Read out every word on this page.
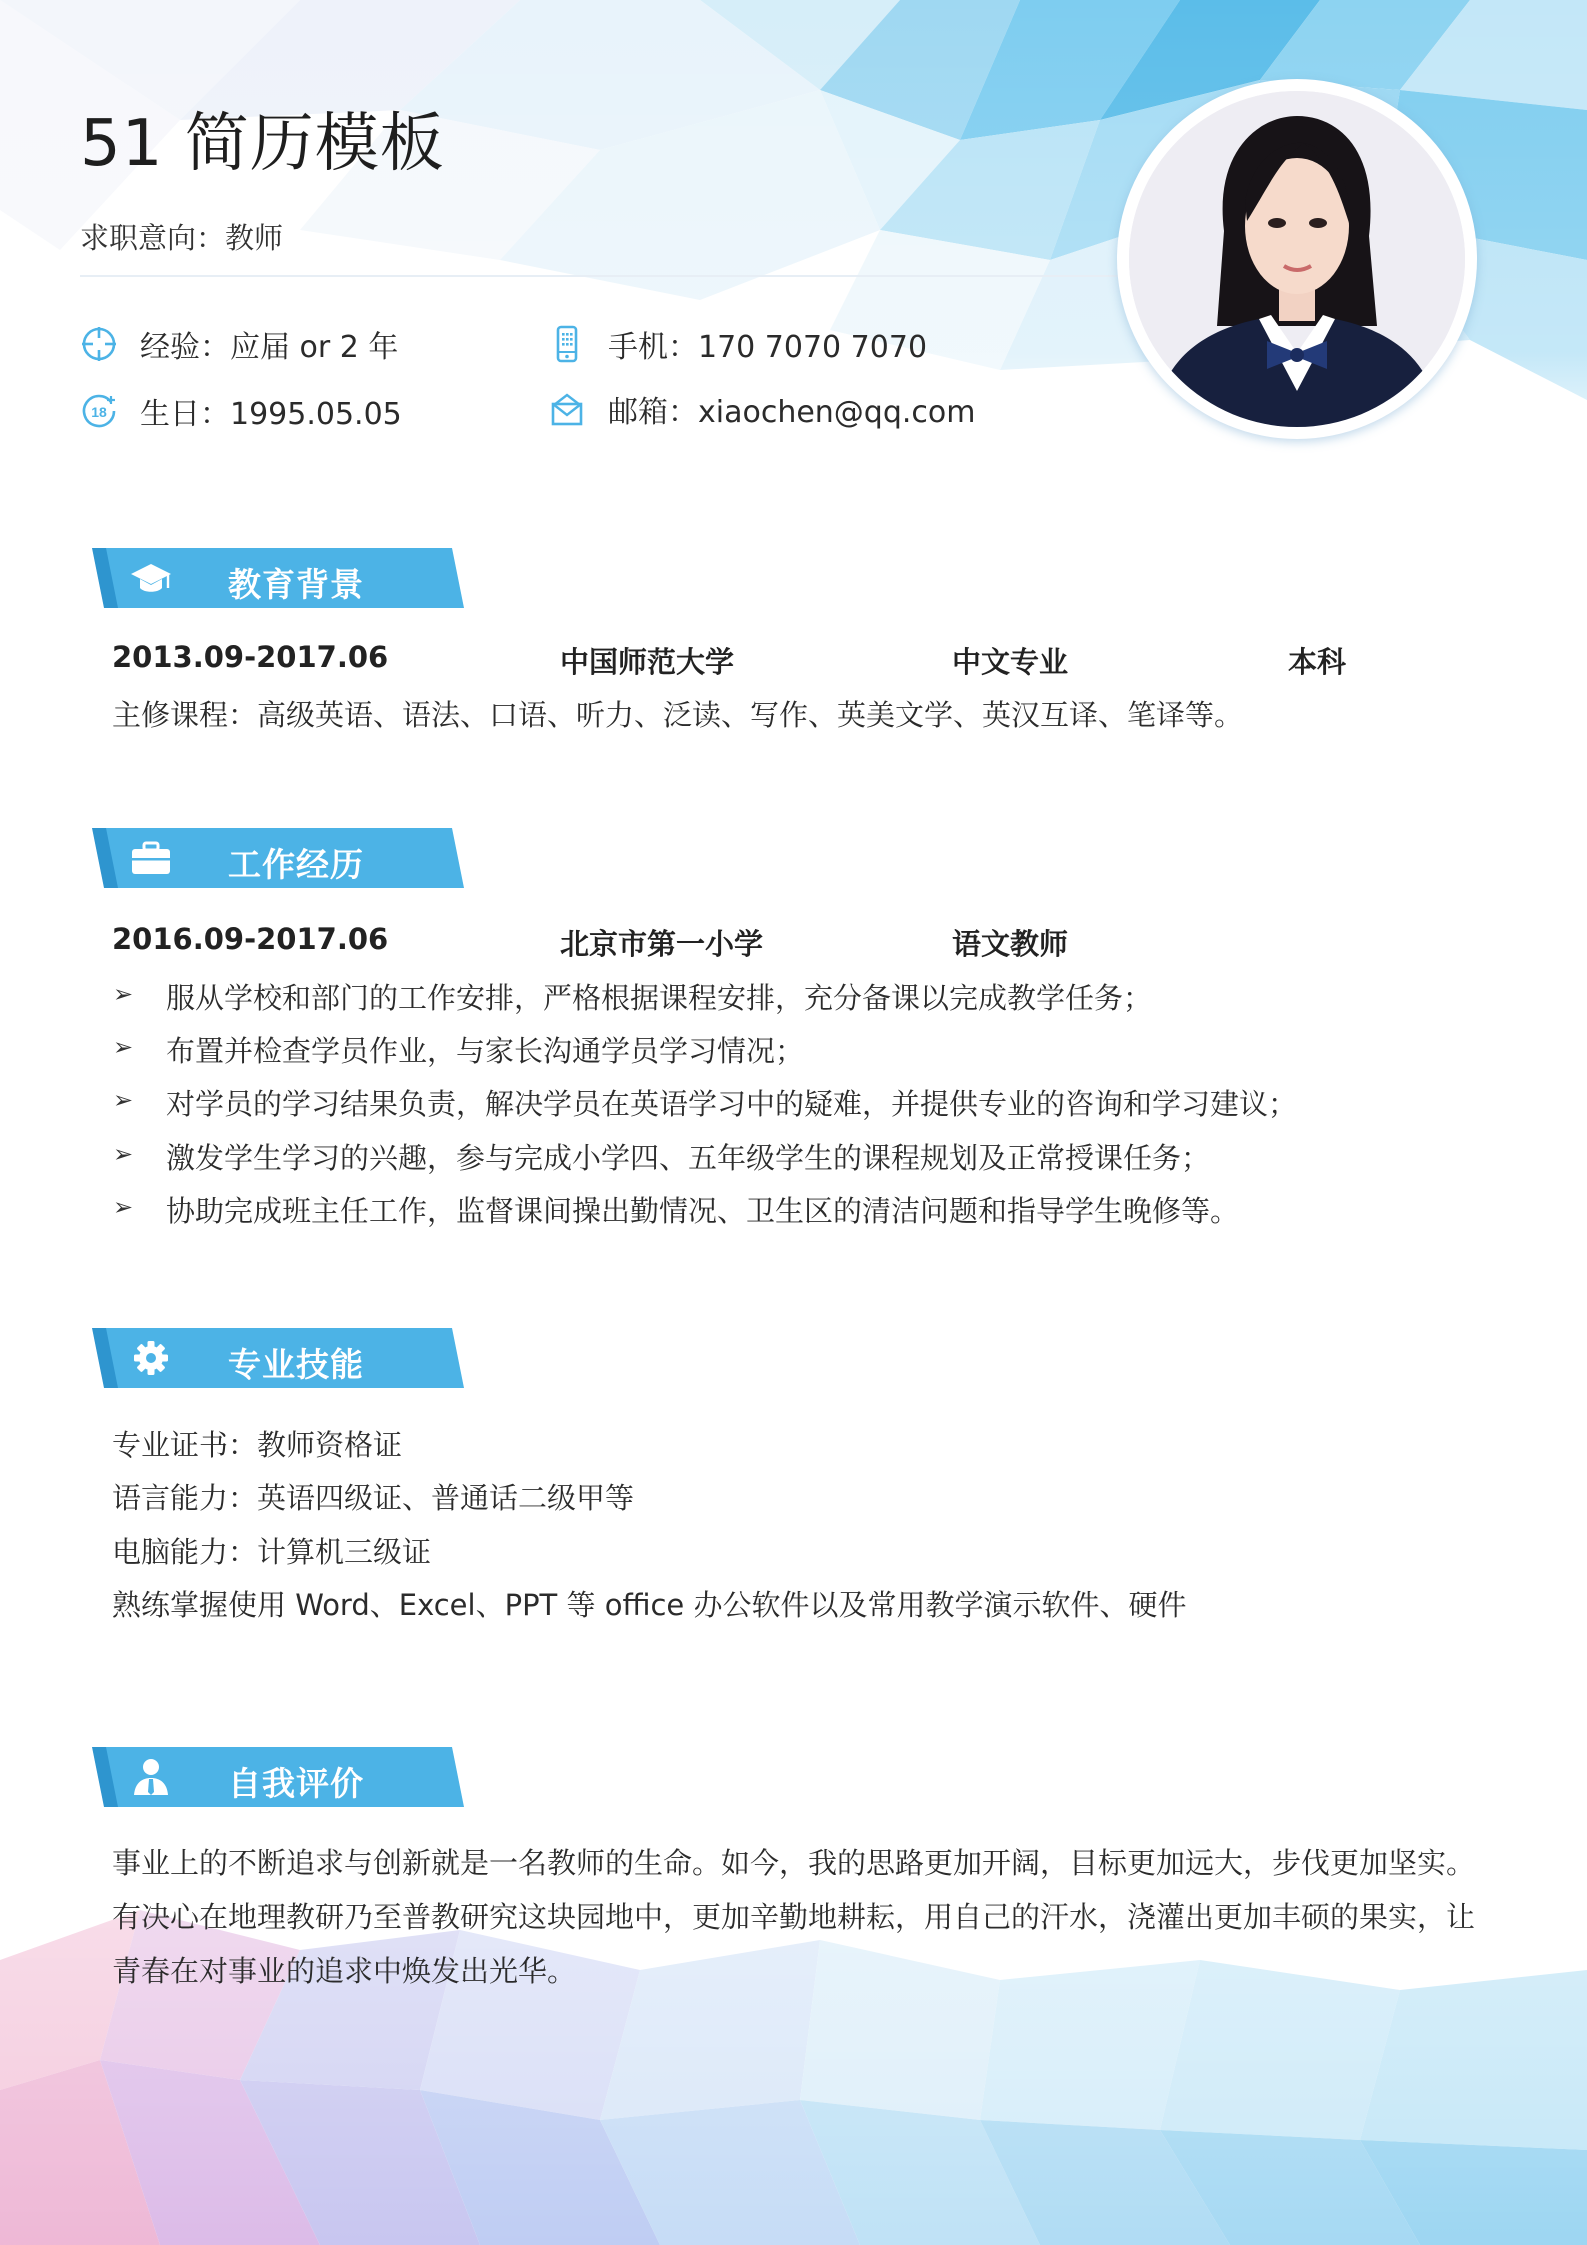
51 简历模板
求职意向：教师
经验：应届 or 2 年
18 生日：1995.05.05
手机：170 7070 7070
邮箱：xiaochen@qq.com
教育背景
2013.09-2017.06	中国师范大学	中文专业	本科
主修课程：高级英语、语法、口语、听力、泛读、写作、英美文学、英汉互译、笔译等。
工作经历
2016.09-2017.06	北京市第一小学	语文教师
➢ 服从学校和部门的工作安排，严格根据课程安排，充分备课以完成教学任务；
➢ 布置并检查学员作业，与家长沟通学员学习情况；
➢ 对学员的学习结果负责，解决学员在英语学习中的疑难，并提供专业的咨询和学习建议；
➢ 激发学生学习的兴趣，参与完成小学四、五年级学生的课程规划及正常授课任务；
➢ 协助完成班主任工作，监督课间操出勤情况、卫生区的清洁问题和指导学生晚修等。
专业技能
专业证书：教师资格证
语言能力：英语四级证、普通话二级甲等
电脑能力：计算机三级证
熟练掌握使用 Word、Excel、PPT 等 office 办公软件以及常用教学演示软件、硬件
自我评价
事业上的不断追求与创新就是一名教师的生命。如今，我的思路更加开阔，目标更加远大，步伐更加坚实。有决心在地理教研乃至普教研究这块园地中，更加辛勤地耕耘，用自己的汗水，浇灌出更加丰硕的果实，让青春在对事业的追求中焕发出光华。
